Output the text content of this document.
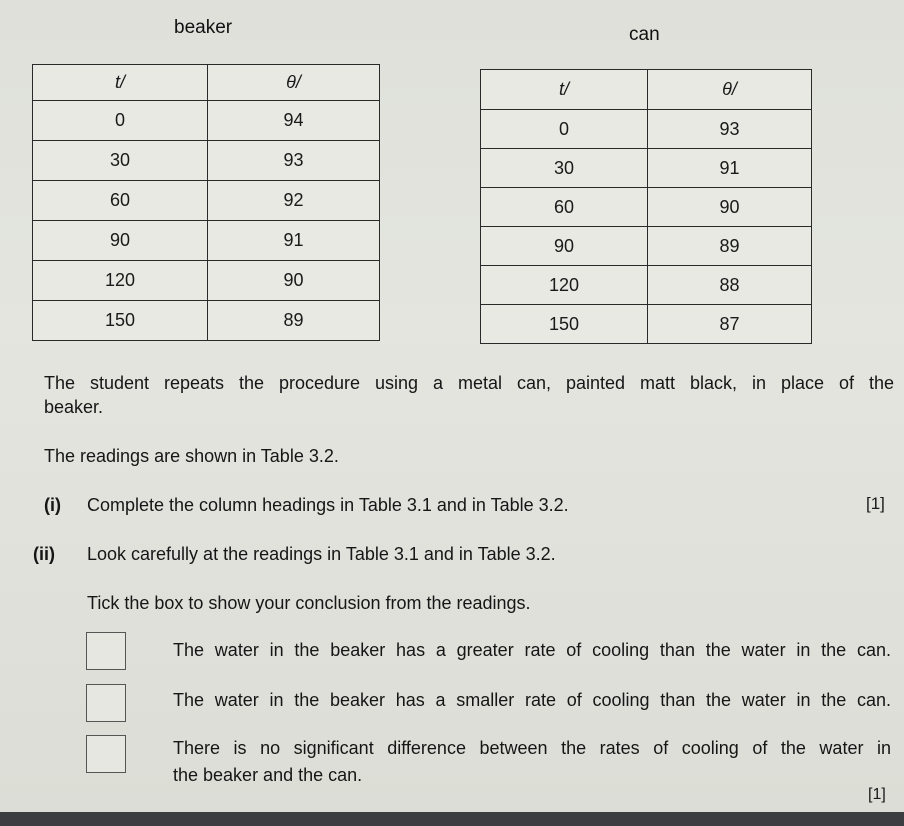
beaker	can
t/	θ/
0	94
30	93
60	92
90	91
120	90
150	89
t/	θ/
0	93
30	91
60	90
90	89
120	88
150	87
The student repeats the procedure using a metal can, painted matt black, in place of the
beaker.
The readings are shown in Table 3.2.
(i) Complete the column headings in Table 3.1 and in Table 3.2.	[1]
(ii) Look carefully at the readings in Table 3.1 and in Table 3.2.
Tick the box to show your conclusion from the readings.
The water in the beaker has a greater rate of cooling than the water in the can.
The water in the beaker has a smaller rate of cooling than the water in the can.
There is no significant difference between the rates of cooling of the water in
the beaker and the can.
[1]
